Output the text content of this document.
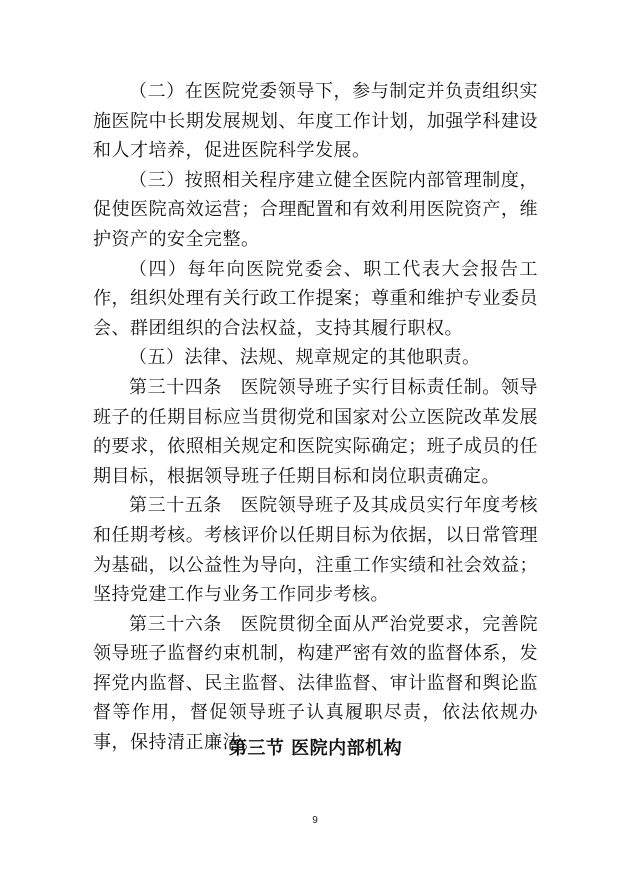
（二）在医院党委领导下，参与制定并负责组织实施医院中长期发展规划、年度工作计划，加强学科建设和人才培养，促进医院科学发展。

（三）按照相关程序建立健全医院内部管理制度，促使医院高效运营；合理配置和有效利用医院资产，维护资产的安全完整。

（四）每年向医院党委会、职工代表大会报告工作，组织处理有关行政工作提案；尊重和维护专业委员会、群团组织的合法权益，支持其履行职权。

（五）法律、法规、规章规定的其他职责。

第三十四条　医院领导班子实行目标责任制。领导班子的任期目标应当贯彻党和国家对公立医院改革发展的要求，依照相关规定和医院实际确定；班子成员的任期目标，根据领导班子任期目标和岗位职责确定。

第三十五条　医院领导班子及其成员实行年度考核和任期考核。考核评价以任期目标为依据，以日常管理为基础，以公益性为导向，注重工作实绩和社会效益；坚持党建工作与业务工作同步考核。

第三十六条　医院贯彻全面从严治党要求，完善院领导班子监督约束机制，构建严密有效的监督体系，发挥党内监督、民主监督、法律监督、审计监督和舆论监督等作用，督促领导班子认真履职尽责，依法依规办事，保持清正廉洁。

第三节 医院内部机构
9
